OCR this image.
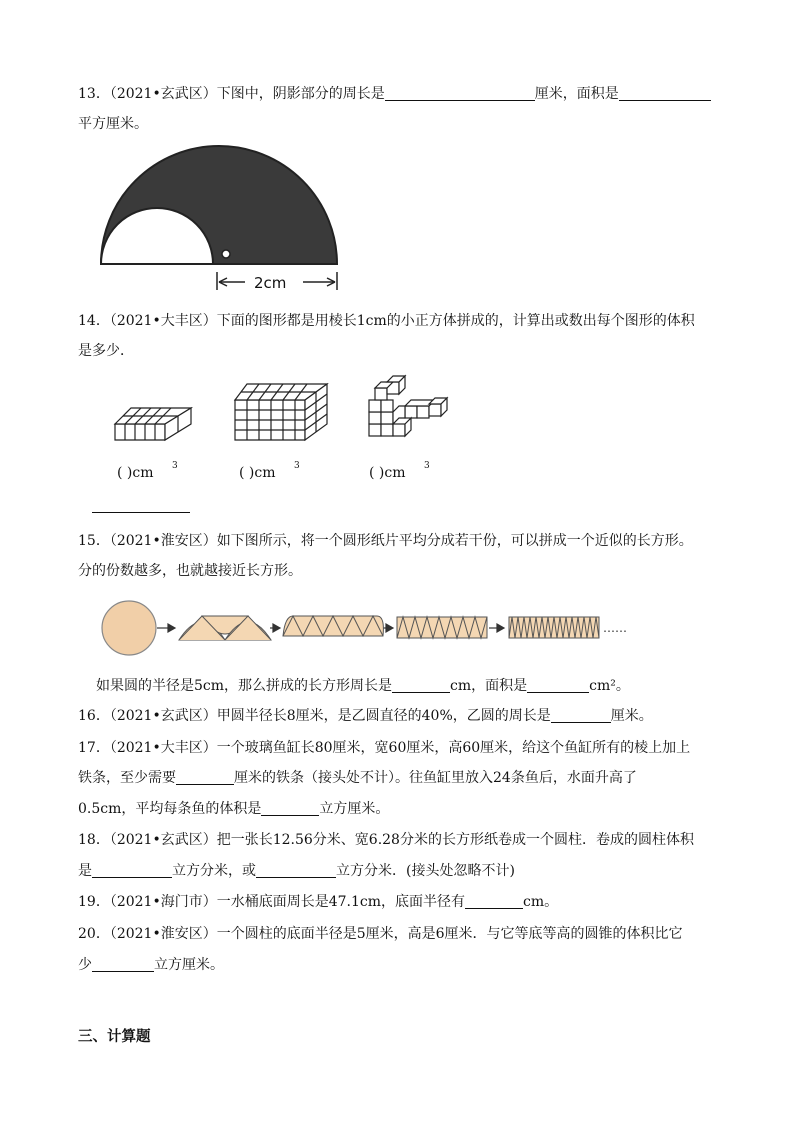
13．（2021•玄武区）下图中，阴影部分的周长是	厘米，面积是
平方厘米。
2cm
14．（2021•大丰区）下面的图形都是用棱长1cm的小正方体拼成的，计算出或数出每个图形的体积
是多少．
( )cm 3	( )cm 3	( )cm 3
15．（2021•淮安区）如下图所示，将一个圆形纸片平均分成若干份，可以拼成一个近似的长方形。
分的份数越多，也就越接近长方形。
……
如果圆的半径是5cm，那么拼成的长方形周长是	cm，面积是	cm²。
16．（2021•玄武区）甲圆半径长8厘米，是乙圆直径的40%，乙圆的周长是	厘米。
17．（2021•大丰区）一个玻璃鱼缸长80厘米，宽60厘米，高60厘米，给这个鱼缸所有的棱上加上
铁条，至少需要	厘米的铁条（接头处不计）。往鱼缸里放入24条鱼后，水面升高了
0.5cm，平均每条鱼的体积是	立方厘米。
18．（2021•玄武区）把一张长12.56分米、宽6.28分米的长方形纸卷成一个圆柱．卷成的圆柱体积
是	立方分米，或	立方分米．(接头处忽略不计)
19．（2021•海门市）一水桶底面周长是47.1cm，底面半径有	cm。
20．（2021•淮安区）一个圆柱的底面半径是5厘米，高是6厘米．与它等底等高的圆锥的体积比它
少	立方厘米。
三、计算题
